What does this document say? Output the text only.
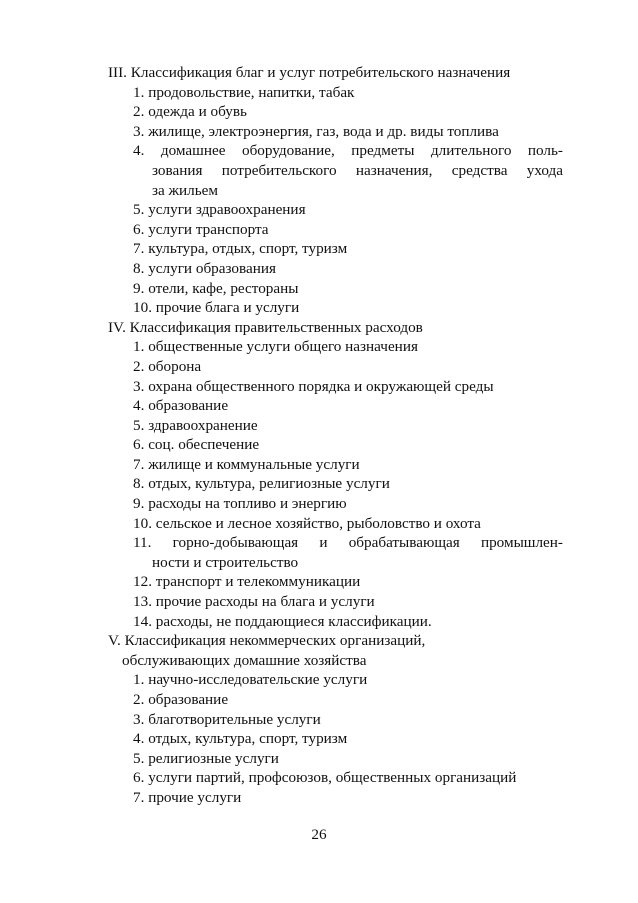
III. Классификация благ и услуг потребительского назначения
1. продовольствие, напитки, табак
2. одежда и обувь
3. жилище, электроэнергия, газ, вода и др. виды топлива
4. домашнее оборудование, предметы длительного поль-
зования потребительского назначения, средства ухода
за жильем
5. услуги здравоохранения
6. услуги транспорта
7. культура, отдых, спорт, туризм
8. услуги образования
9. отели, кафе, рестораны
10. прочие блага и услуги
IV. Классификация правительственных расходов
1. общественные услуги общего назначения
2. оборона
3. охрана общественного порядка и окружающей среды
4. образование
5. здравоохранение
6. соц. обеспечение
7. жилище и коммунальные услуги
8. отдых, культура, религиозные услуги
9. расходы на топливо и энергию
10. сельское и лесное хозяйство, рыболовство и охота
11. горно-добывающая и обрабатывающая промышлен-
ности и строительство
12. транспорт и телекоммуникации
13. прочие расходы на блага и услуги
14. расходы, не поддающиеся классификации.
V. Классификация некоммерческих организаций,
обслуживающих домашние хозяйства
1. научно-исследовательские услуги
2. образование
3. благотворительные услуги
4. отдых, культура, спорт, туризм
5. религиозные услуги
6. услуги партий, профсоюзов, общественных организаций
7. прочие услуги
26
